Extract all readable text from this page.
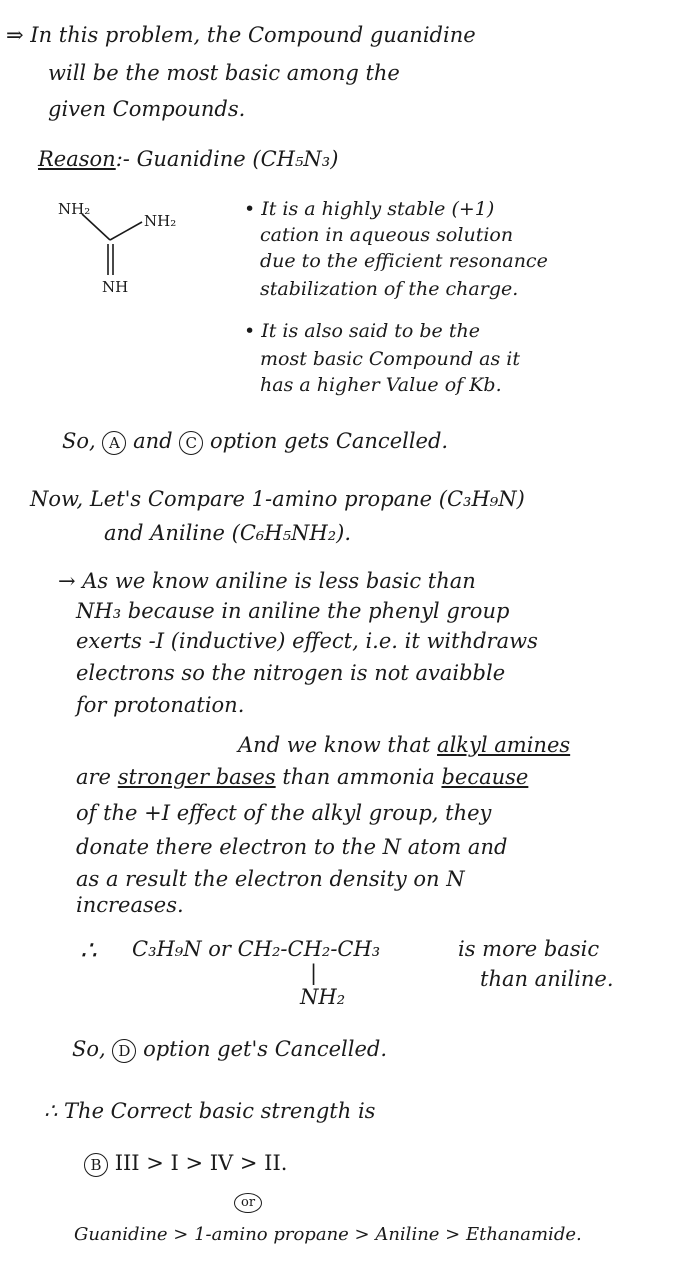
⇒ In this problem, the Compound guanidine
will be the most basic among the
given Compounds.
Reason:- Guanidine (CH₅N₃)
NH₂
NH₂
NH
• It is a highly stable (+1)
cation in aqueous solution
due to the efficient resonance
stabilization of the charge.
• It is also said to be the
most basic Compound as it
has a higher Value of Kb.
So, A and C option gets Cancelled.
Now, Let's Compare 1-amino propane (C₃H₉N)
and Aniline (C₆H₅NH₂).
→ As we know aniline is less basic than
NH₃ because in aniline the phenyl group
exerts -I (inductive) effect, i.e. it withdraws
electrons so the nitrogen is not avaibble
for protonation.
And we know that alkyl amines
are stronger bases than ammonia because
of the +I effect of the alkyl group, they
donate there electron to the N atom and
as a result the electron density on N
increases.
∴ C₃H₉N or CH₂-CH₂-CH₃	is more basic
than aniline.
|
NH₂
So, D option get's Cancelled.
∴ The Correct basic strength is
B III > I > IV > II.
or
Guanidine > 1-amino propane > Aniline > Ethanamide.
